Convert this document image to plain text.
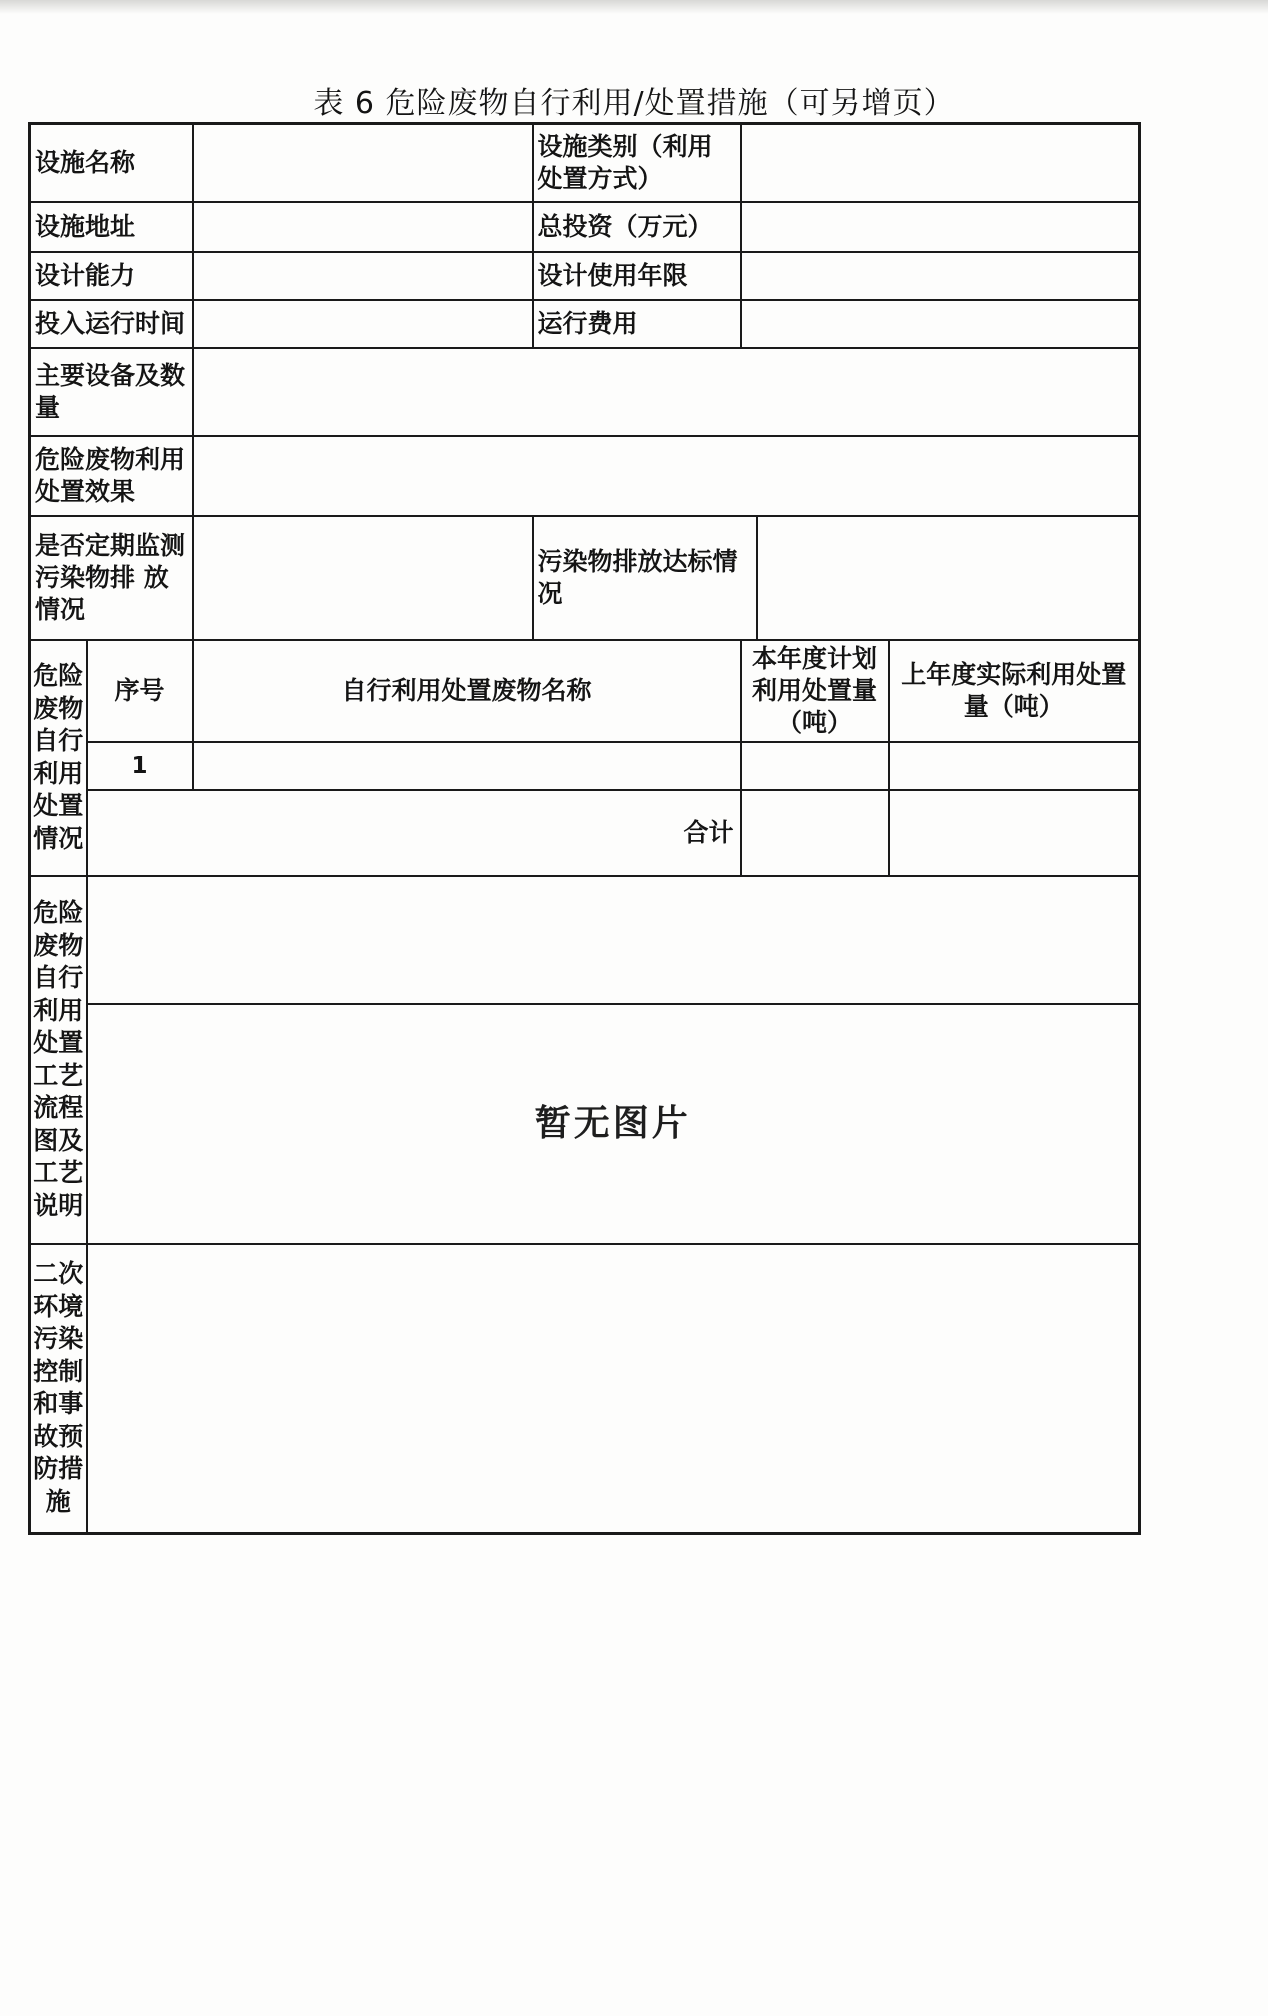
表 6 危险废物自行利用/处置措施（可另增页）
设施名称			设施类别（利用处置方式）			
设施地址			总投资（万元）			
设计能力			设计使用年限			
投入运行时间			运行费用			
主要设备及数量						
危险废物利用处置效果						
是否定期监测污染物排 放情况			污染物排放达标情况			
危险废物自行利用处置情况	序号	自行利用处置废物名称		本年度计划利用处置量（吨）		上年度实际利用处置量（吨）
	1					
	合计					
危险废物自行利用处置工艺流程图及工艺说明						
	暂无图片					
二次环境污染控制和事故预防措施						
